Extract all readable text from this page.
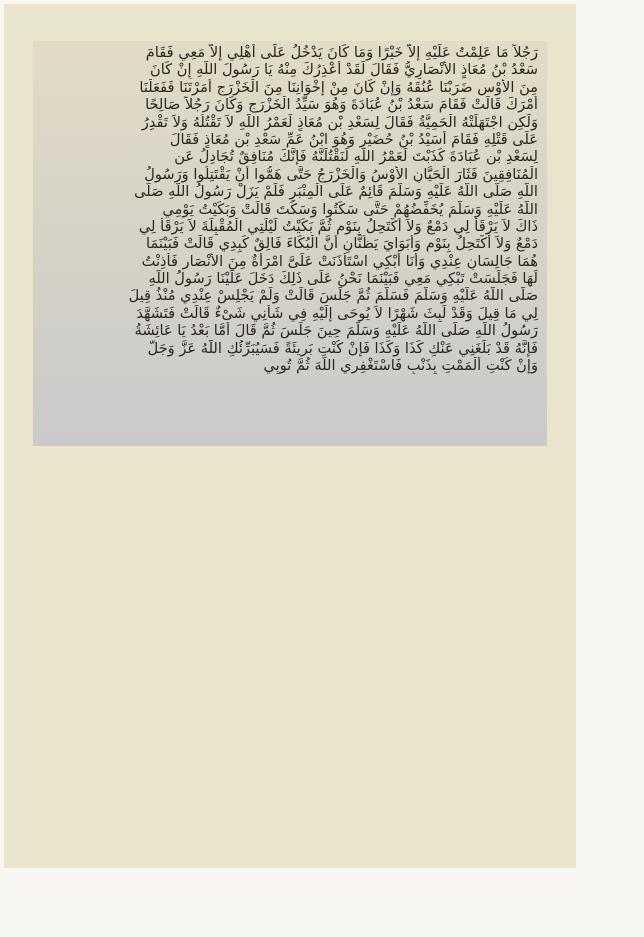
رَجُلاً مَا عَلِمْتُ عَلَيْهِ إِلاَّ خَيْرًا وَمَا كَانَ يَدْخُلُ عَلَى أَهْلِي إِلاَّ مَعِي فَقَامَ
سَعْدُ بْنُ مُعَاذٍ الأَنْصَارِيُّ فَقَالَ لَقَدْ أَعْذِرُكَ مِنْهُ يَا رَسُولَ اللَّهِ إِنْ كَانَ
مِنَ الأَوْسِ ضَرَبْنَا عُنُقَهُ وَإِنْ كَانَ مِنْ إِخْوَانِنَا مِنَ الْخَزْرَجِ أَمَرْتَنَا فَفَعَلْنَا
أَمْرَكَ قَالَتْ فَقَامَ سَعْدُ بْنُ عُبَادَةَ وَهُوَ سَيِّدُ الْخَزْرَجِ وَكَانَ رَجُلاً صَالِحًا
وَلَكِنِ اجْتَهَلَتْهُ الْحَمِيَّةُ فَقَالَ لِسَعْدِ بْنِ مُعَاذٍ لَعَمْرُ اللَّهِ لاَ تَقْتُلُهُ وَلاَ تَقْدِرُ
عَلَى قَتْلِهِ فَقَامَ أُسَيْدُ بْنُ حُضَيْرٍ وَهُوَ ابْنُ عَمِّ سَعْدِ بْنِ مُعَاذٍ فَقَالَ
لِسَعْدِ بْنِ عُبَادَةَ كَذَبْتَ لَعَمْرُ اللَّهِ لَنَقْتُلَنَّهُ فَإِنَّكَ مُنَافِقٌ تُجَادِلُ عَنِ
الْمُنَافِقِينَ فَثَارَ الْحَيَّانِ الأَوْسُ وَالْخَزْرَجُ حَتَّى هَمُّوا أَنْ يَقْتَتِلُوا وَرَسُولُ
اللَّهِ صَلَّى اللَّهُ عَلَيْهِ وَسَلَّمَ قَائِمٌ عَلَى الْمِنْبَرِ فَلَمْ يَزَلْ رَسُولُ اللَّهِ صَلَّى
اللَّهُ عَلَيْهِ وَسَلَّمَ يُخَفِّضُهُمْ حَتَّى سَكَتُوا وَسَكَتَ قَالَتْ وَبَكَيْتُ يَوْمِي
ذَاكَ لاَ يَرْقَأُ لِي دَمْعٌ وَلاَ أَكْتَحِلُ بِنَوْمٍ ثُمَّ بَكَيْتُ لَيْلَتِي الْمُقْبِلَةَ لاَ يَرْقَأُ لِي
دَمْعٌ وَلاَ أَكْتَحِلُ بِنَوْمٍ وَأَبَوَايَ يَظُنَّانِ أَنَّ الْبُكَاءَ فَالِقٌ كَبِدِي قَالَتْ فَبَيْنَمَا
هُمَا جَالِسَانِ عِنْدِي وَأَنَا أَبْكِي اسْتَأْذَنَتْ عَلَىَّ امْرَأَةٌ مِنَ الأَنْصَارِ فَأَذِنْتُ
لَهَا فَجَلَسَتْ تَبْكِي مَعِي فَبَيْنَمَا نَحْنُ عَلَى ذَلِكَ دَخَلَ عَلَيْنَا رَسُولُ اللَّهِ
صَلَّى اللَّهُ عَلَيْهِ وَسَلَّمَ فَسَلَّمَ ثُمَّ جَلَسَ قَالَتْ وَلَمْ يَجْلِسْ عِنْدِي مُنْذُ قِيلَ
لِي مَا قِيلَ وَقَدْ لَبِثَ شَهْرًا لاَ يُوحَى إِلَيْهِ فِي شَأْنِي شَىْءٌ قَالَتْ فَتَشَهَّدَ
رَسُولُ اللَّهِ صَلَّى اللَّهُ عَلَيْهِ وَسَلَّمَ حِينَ جَلَسَ ثُمَّ قَالَ أَمَّا بَعْدُ يَا عَائِشَةُ
فَإِنَّهُ قَدْ بَلَغَنِي عَنْكِ كَذَا وَكَذَا فَإِنْ كُنْتِ بَرِيئَةً فَسَيُبَرِّئُكِ اللَّهُ عَزَّ وَجَلَّ
وَإِنْ كُنْتِ أَلْمَمْتِ بِذَنْبٍ فَاسْتَغْفِرِي اللَّهَ ثُمَّ تُوبِي
